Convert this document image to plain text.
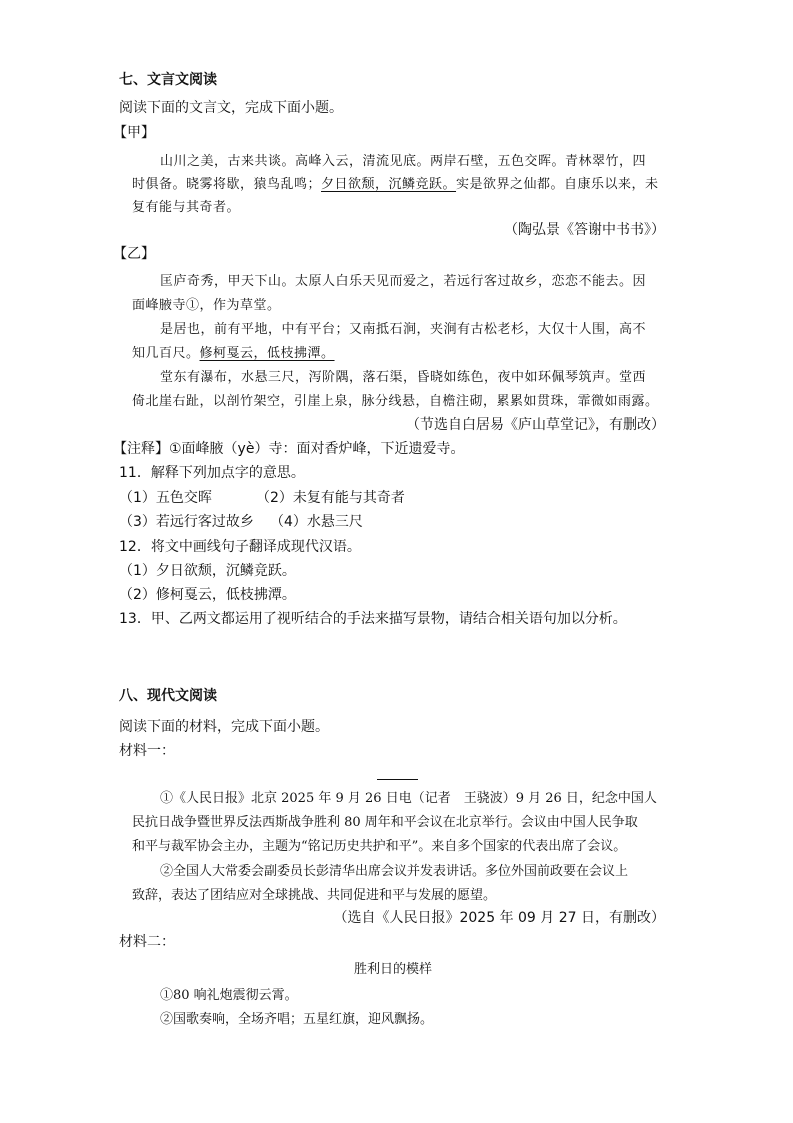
七、文言文阅读
阅读下面的文言文，完成下面小题。
【甲】
山川之美，古来共谈。高峰入云，清流见底。两岸石壁，五色交晖。青林翠竹，四
时俱备。晓雾将歇，猿鸟乱鸣；夕日欲颓，沉鳞竞跃。实是欲界之仙都。自康乐以来，未
复有能与其奇者。
（陶弘景《答谢中书书》）
【乙】
匡庐奇秀，甲天下山。太原人白乐天见而爱之，若远行客过故乡，恋恋不能去。因
面峰腋寺①，作为草堂。
是居也，前有平地，中有平台；又南抵石涧，夹涧有古松老杉，大仅十人围，高不
知几百尺。修柯戛云，低枝拂潭。
堂东有瀑布，水悬三尺，泻阶隅，落石渠，昏晓如练色，夜中如环佩琴筑声。堂西
倚北崖右趾，以剖竹架空，引崖上泉，脉分线悬，自檐注砌，累累如贯珠，霏微如雨露。
（节选自白居易《庐山草堂记》，有删改）
【注释】①面峰腋（yè）寺：面对香炉峰，下近遗爱寺。
11．解释下列加点字的意思。
（1）五色交晖	（2）未复有能与其奇者
（3）若远行客过故乡 （4）水悬三尺
12．将文中画线句子翻译成现代汉语。
（1）夕日欲颓，沉鳞竞跃。
（2）修柯戛云，低枝拂潭。
13．甲、乙两文都运用了视听结合的手法来描写景物，请结合相关语句加以分析。
八、现代文阅读
阅读下面的材料，完成下面小题。
材料一：
①《人民日报》北京 2025 年 9 月 26 日电（记者　王骁波）9 月 26 日，纪念中国人
民抗日战争暨世界反法西斯战争胜利 80 周年和平会议在北京举行。会议由中国人民争取
和平与裁军协会主办，主题为“铭记历史共护和平”。来自多个国家的代表出席了会议。
②全国人大常委会副委员长彭清华出席会议并发表讲话。多位外国前政要在会议上
致辞，表达了团结应对全球挑战、共同促进和平与发展的愿望。
（选自《人民日报》2025 年 09 月 27 日，有删改）
材料二：
胜利日的模样
①80 响礼炮震彻云霄。
②国歌奏响，全场齐唱；五星红旗，迎风飘扬。
